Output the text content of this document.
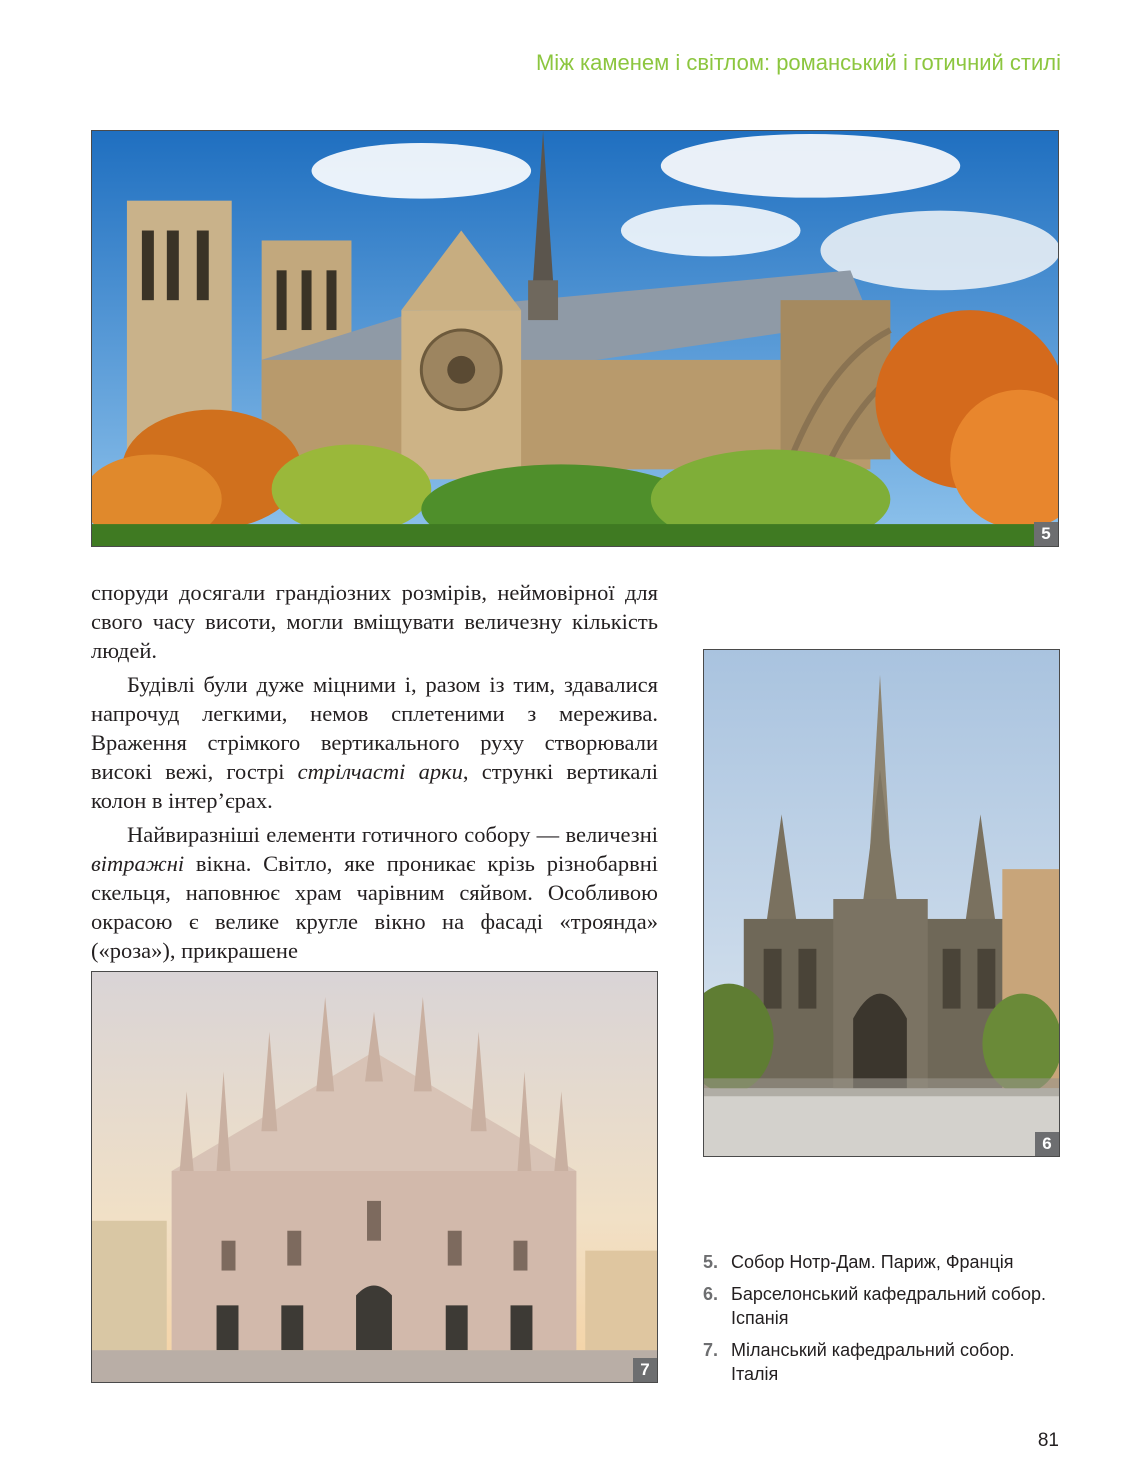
Між каменем і світлом: романський і готичний стилі
5

споруди досягали грандіозних розмірів, неймовірної для свого часу висоти, могли вміщувати величезну кількість людей.

Будівлі були дуже міцними і, разом із тим, здавалися напрочуд легкими, немов сплетеними з мережива. Враження стрімкого вертикального руху створювали високі вежі, гострі стрілчасті арки, стрункі вертикалі колон в інтер’єрах.

Найвиразніші елементи готичного собору — величезні вітражні вікна. Світло, яке проникає крізь різнобарвні скельця, наповнює храм чарівним сяйвом. Особливою окрасою є велике кругле вікно на фасаді «троянда» («роза»), прикрашене

6
7
5. Собор Нотр-Дам. Париж, Франція
6. Барселонський кафедральний собор. Іспанія
7. Міланський кафедральний собор. Італія
81
